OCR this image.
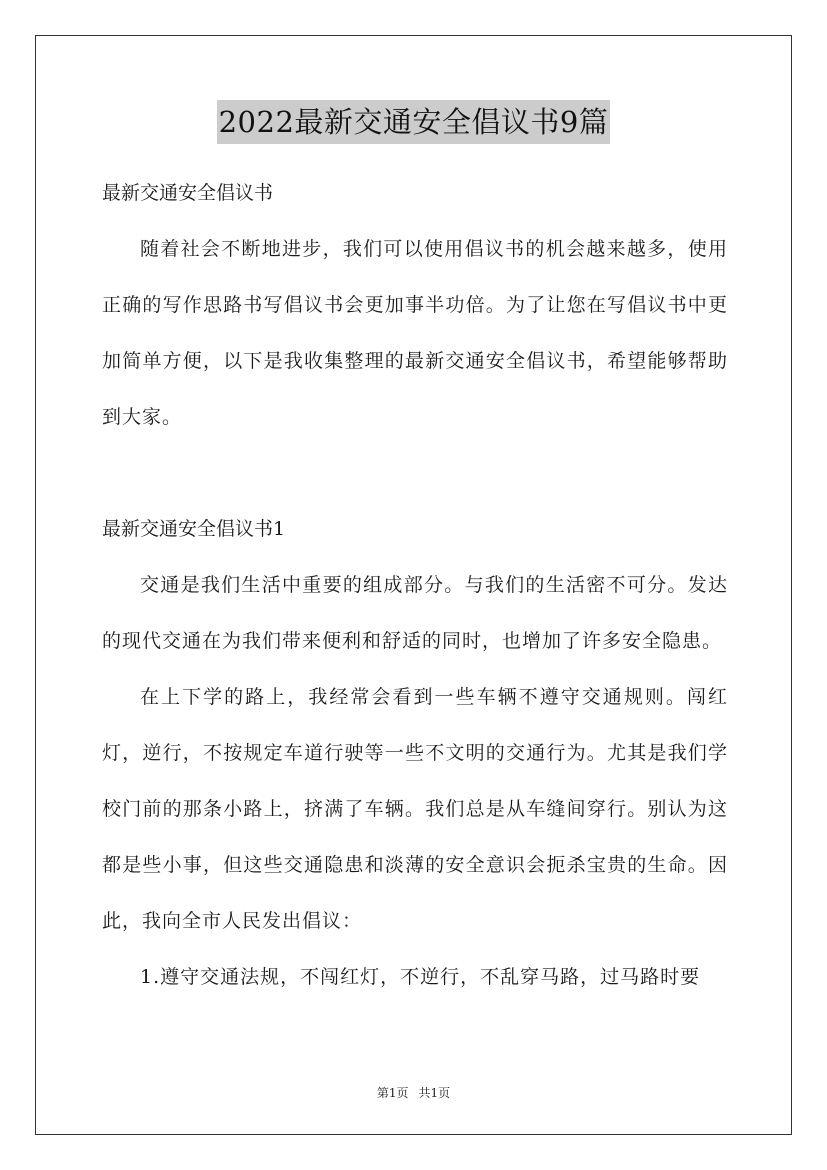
2022最新交通安全倡议书9篇

最新交通安全倡议书

随着社会不断地进步，我们可以使用倡议书的机会越来越多，使用正确的写作思路书写倡议书会更加事半功倍。为了让您在写倡议书中更加简单方便，以下是我收集整理的最新交通安全倡议书，希望能够帮助到大家。

最新交通安全倡议书1

交通是我们生活中重要的组成部分。与我们的生活密不可分。发达的现代交通在为我们带来便利和舒适的同时，也增加了许多安全隐患。

在上下学的路上，我经常会看到一些车辆不遵守交通规则。闯红灯，逆行，不按规定车道行驶等一些不文明的交通行为。尤其是我们学校门前的那条小路上，挤满了车辆。我们总是从车缝间穿行。别认为这都是些小事，但这些交通隐患和淡薄的安全意识会扼杀宝贵的生命。因此，我向全市人民发出倡议：

1.遵守交通法规，不闯红灯，不逆行，不乱穿马路，过马路时要

第1页 共1页
